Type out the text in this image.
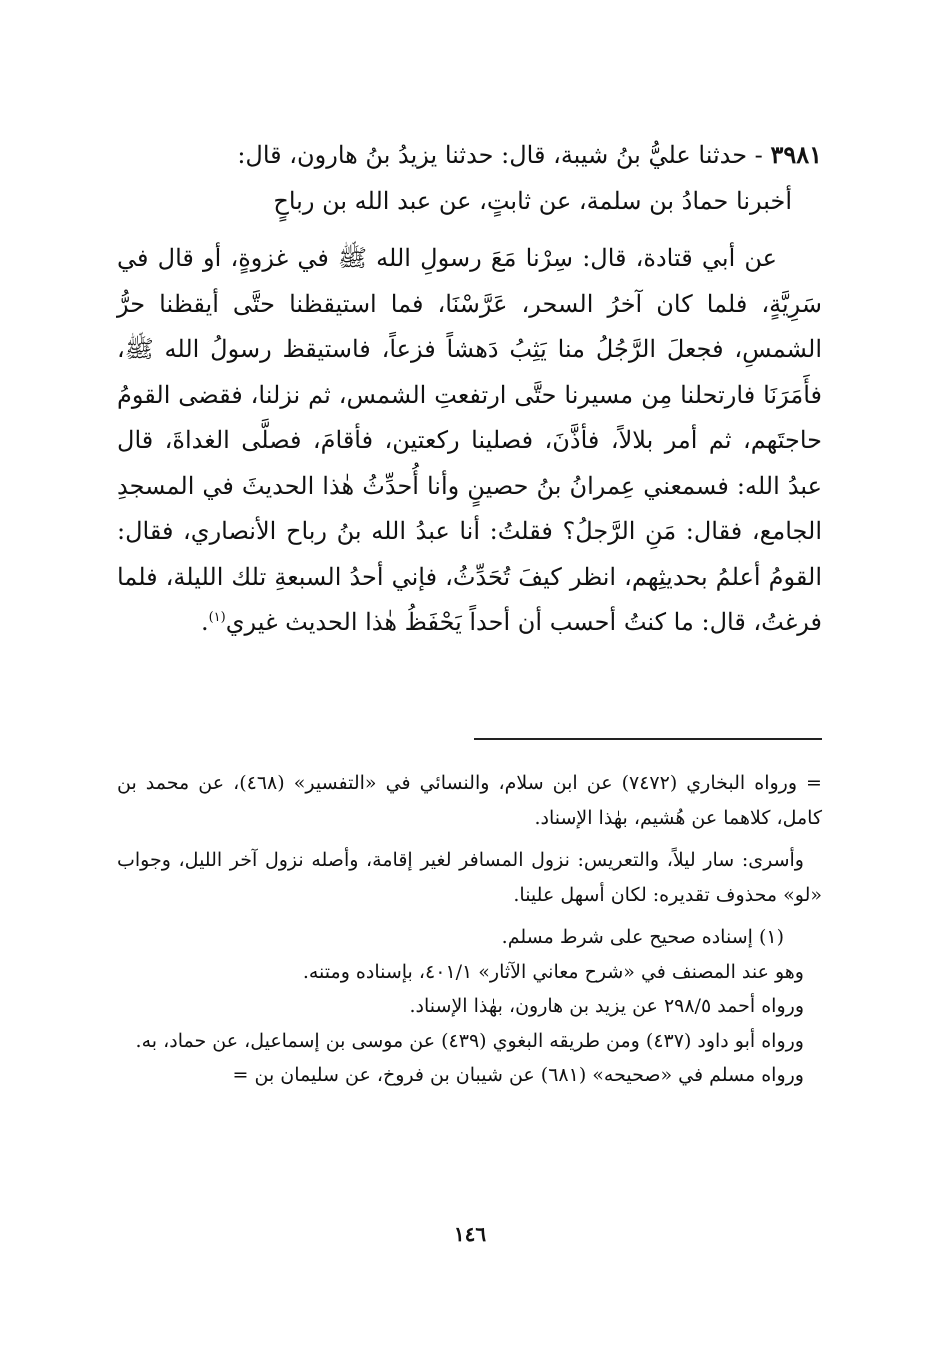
٣٩٨١ - حدثنا عليُّ بنُ شيبة، قال: حدثنا يزيدُ بنُ هارون، قال:

أخبرنا حمادُ بن سلمة، عن ثابتٍ، عن عبد الله بن رباحٍ

عن أبي قتادة، قال: سِرْنا مَعَ رسولِ الله ﷺ في غزوةٍ، أو قال في سَرِيَّةٍ، فلما كان آخرُ السحر، عَرَّسْنَا، فما استيقظنا حتَّى أيقظنا حرُّ الشمسِ، فجعلَ الرَّجُلُ منا يَثِبُ دَهشاً فزعاً، فاستيقظ رسولُ الله ﷺ، فأَمَرَنَا فارتحلنا مِن مسيرنا حتَّى ارتفعتِ الشمس، ثم نزلنا، فقضى القومُ حاجتَهم، ثم أمر بلالاً، فأذَّنَ، فصلينا ركعتين، فأقامَ، فصلَّى الغداةَ، قال عبدُ الله: فسمعني عِمرانُ بنُ حصينٍ وأنا أُحدِّثُ هٰذا الحديثَ في المسجدِ الجامع، فقال: مَنِ الرَّجلُ؟ فقلتُ: أنا عبدُ الله بنُ رباح الأنصاري، فقال: القومُ أعلمُ بحديثِهم، انظر كيفَ تُحَدِّثُ، فإني أحدُ السبعةِ تلك الليلة، فلما فرغتُ، قال: ما كنتُ أحسب أن أحداً يَحْفَظُ هٰذا الحديث غيري$^{(١)}$.

= ورواه البخاري (٧٤٧٢) عن ابن سلام، والنسائي في «التفسير» (٤٦٨)، عن محمد بن كامل، كلاهما عن هُشيم، بهٰذا الإسناد.

وأسرى: سار ليلاً، والتعريس: نزول المسافر لغير إقامة، وأصله نزول آخر الليل، وجواب «لو» محذوف تقديره: لكان أسهل علينا.

(١) إسناده صحيح على شرط مسلم.

وهو عند المصنف في «شرح معاني الآثار» ٤٠١/١، بإسناده ومتنه.

ورواه أحمد ٢٩٨/٥ عن يزيد بن هارون، بهٰذا الإسناد.

ورواه أبو داود (٤٣٧) ومن طريقه البغوي (٤٣٩) عن موسى بن إسماعيل، عن حماد، به.

ورواه مسلم في «صحيحه» (٦٨١) عن شيبان بن فروخ، عن سليمان بن =

١٤٦
